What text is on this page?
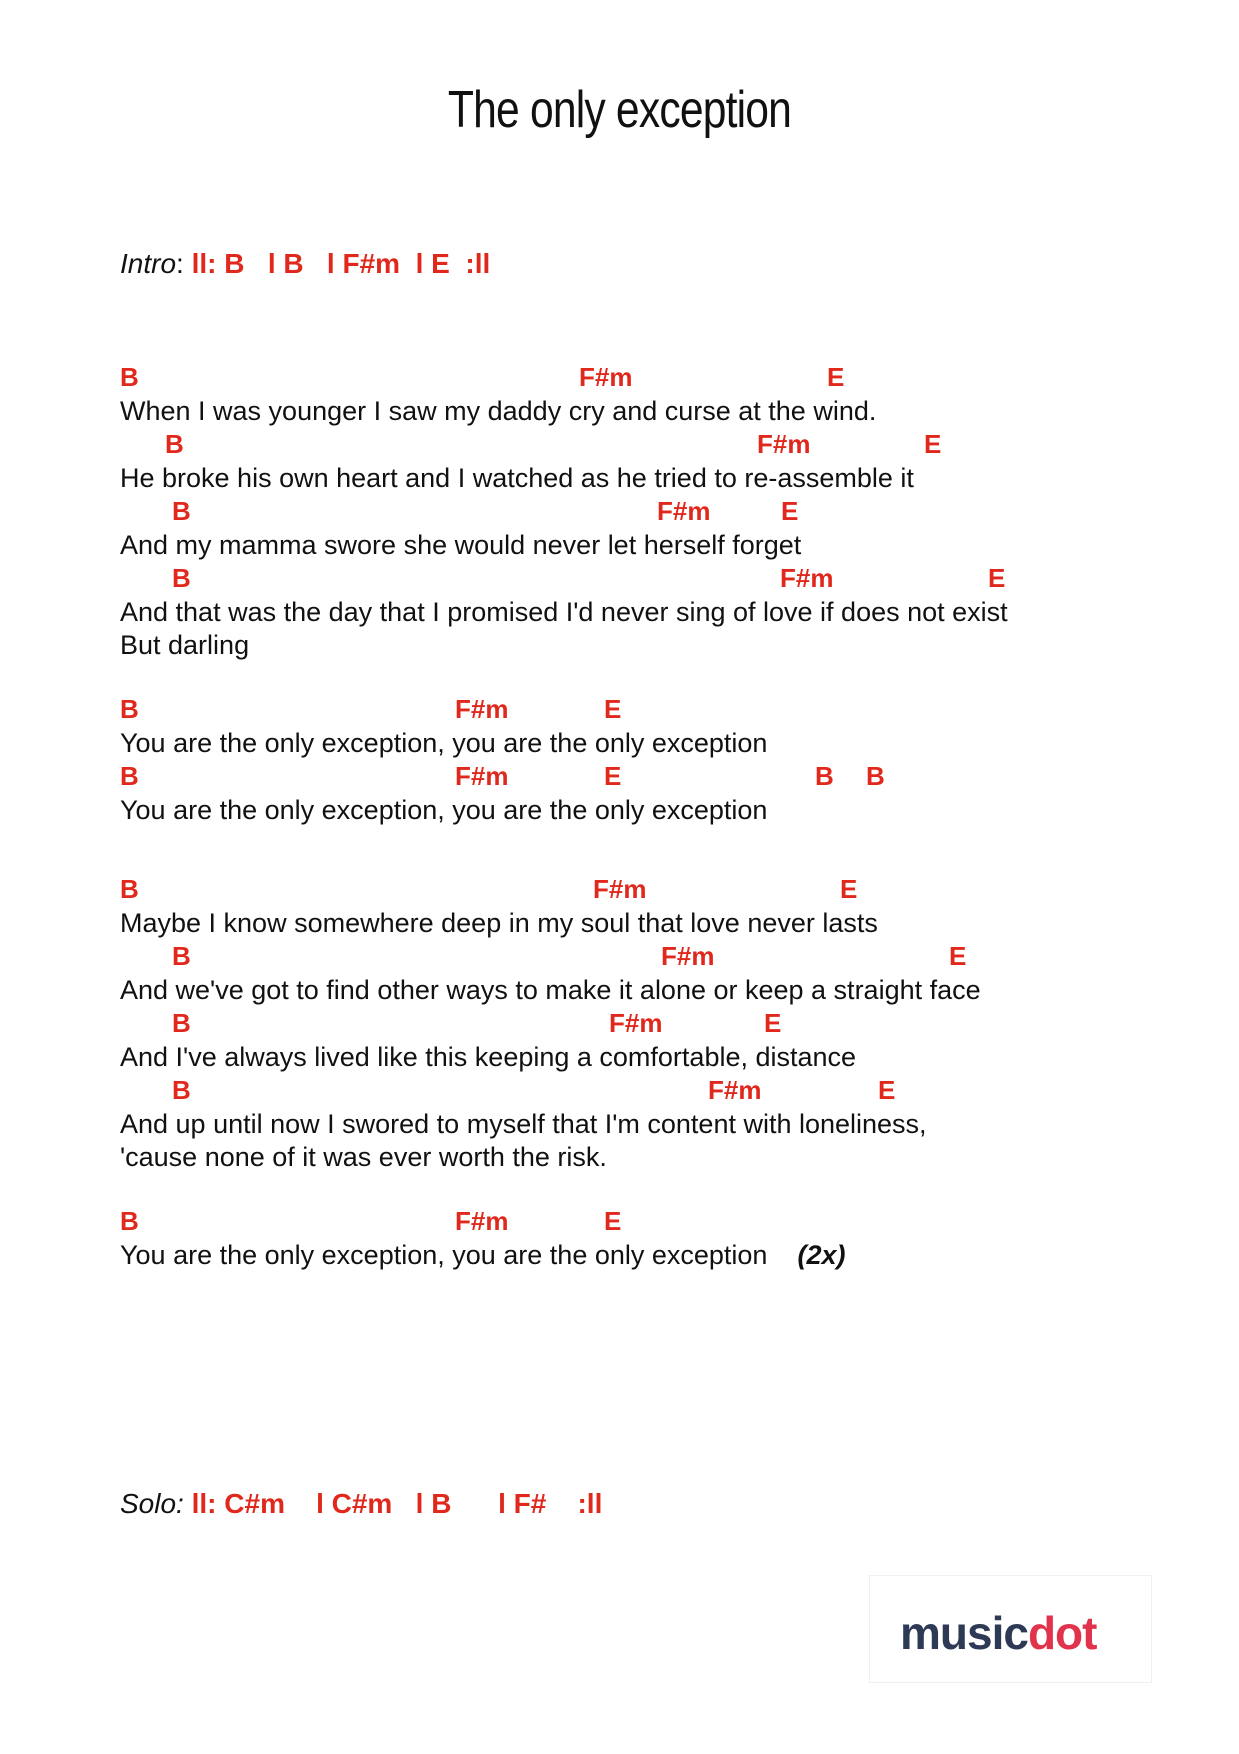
The only exception
Intro: ll: B   l B   l F#m  l E  :ll
B	F#m	E
When I was younger I saw my daddy cry and curse at the wind.
B	F#m	E
He broke his own heart and I watched as he tried to re-assemble it
B	F#m	E
And my mamma swore she would never let herself forget
B	F#m	E
And that was the day that I promised I'd never sing of love if does not exist
But darling
B	F#m	E
You are the only exception, you are the only exception
B	F#m	E	B B
You are the only exception, you are the only exception
B	F#m	E
Maybe I know somewhere deep in my soul that love never lasts
B	F#m	E
And we've got to find other ways to make it alone or keep a straight face
B	F#m	E
And I've always lived like this keeping a comfortable, distance
B	F#m	E
And up until now I swored to myself that I'm content with loneliness,
'cause none of it was ever worth the risk.
B	F#m	E
You are the only exception, you are the only exception (2x)
Solo: ll: C#m    l C#m   l B      l F#    :ll
musicdot
